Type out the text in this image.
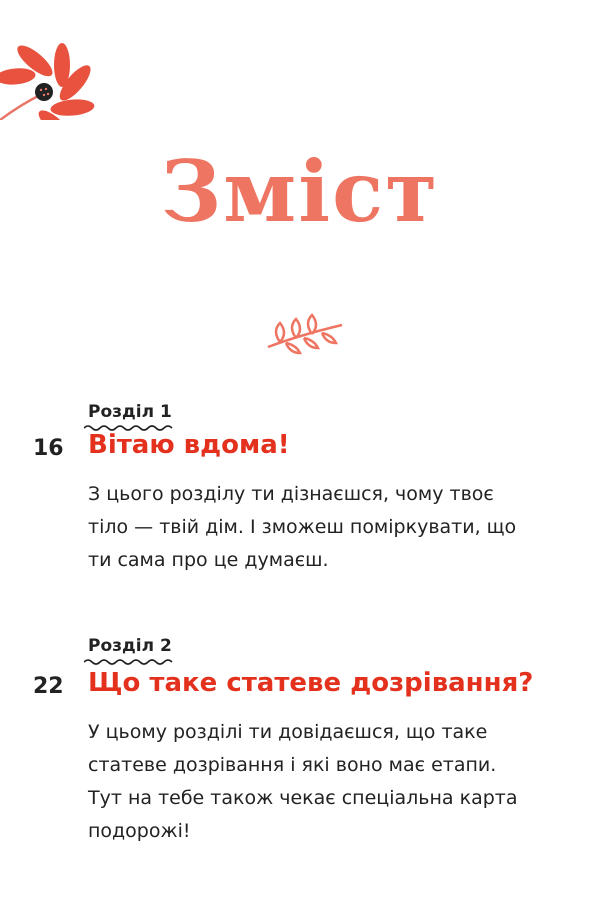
Зміст
Розділ 1
16 Вітаю вдома!
З цього розділу ти дізнаєшся, чому твоє тіло — твій дім. І зможеш поміркувати, що ти сама про це думаєш.
Розділ 2
22 Що таке статеве дозрівання?
У цьому розділі ти довідаєшся, що таке статеве дозрівання і які воно має етапи. Тут на тебе також чекає спеціальна карта подорожі!
